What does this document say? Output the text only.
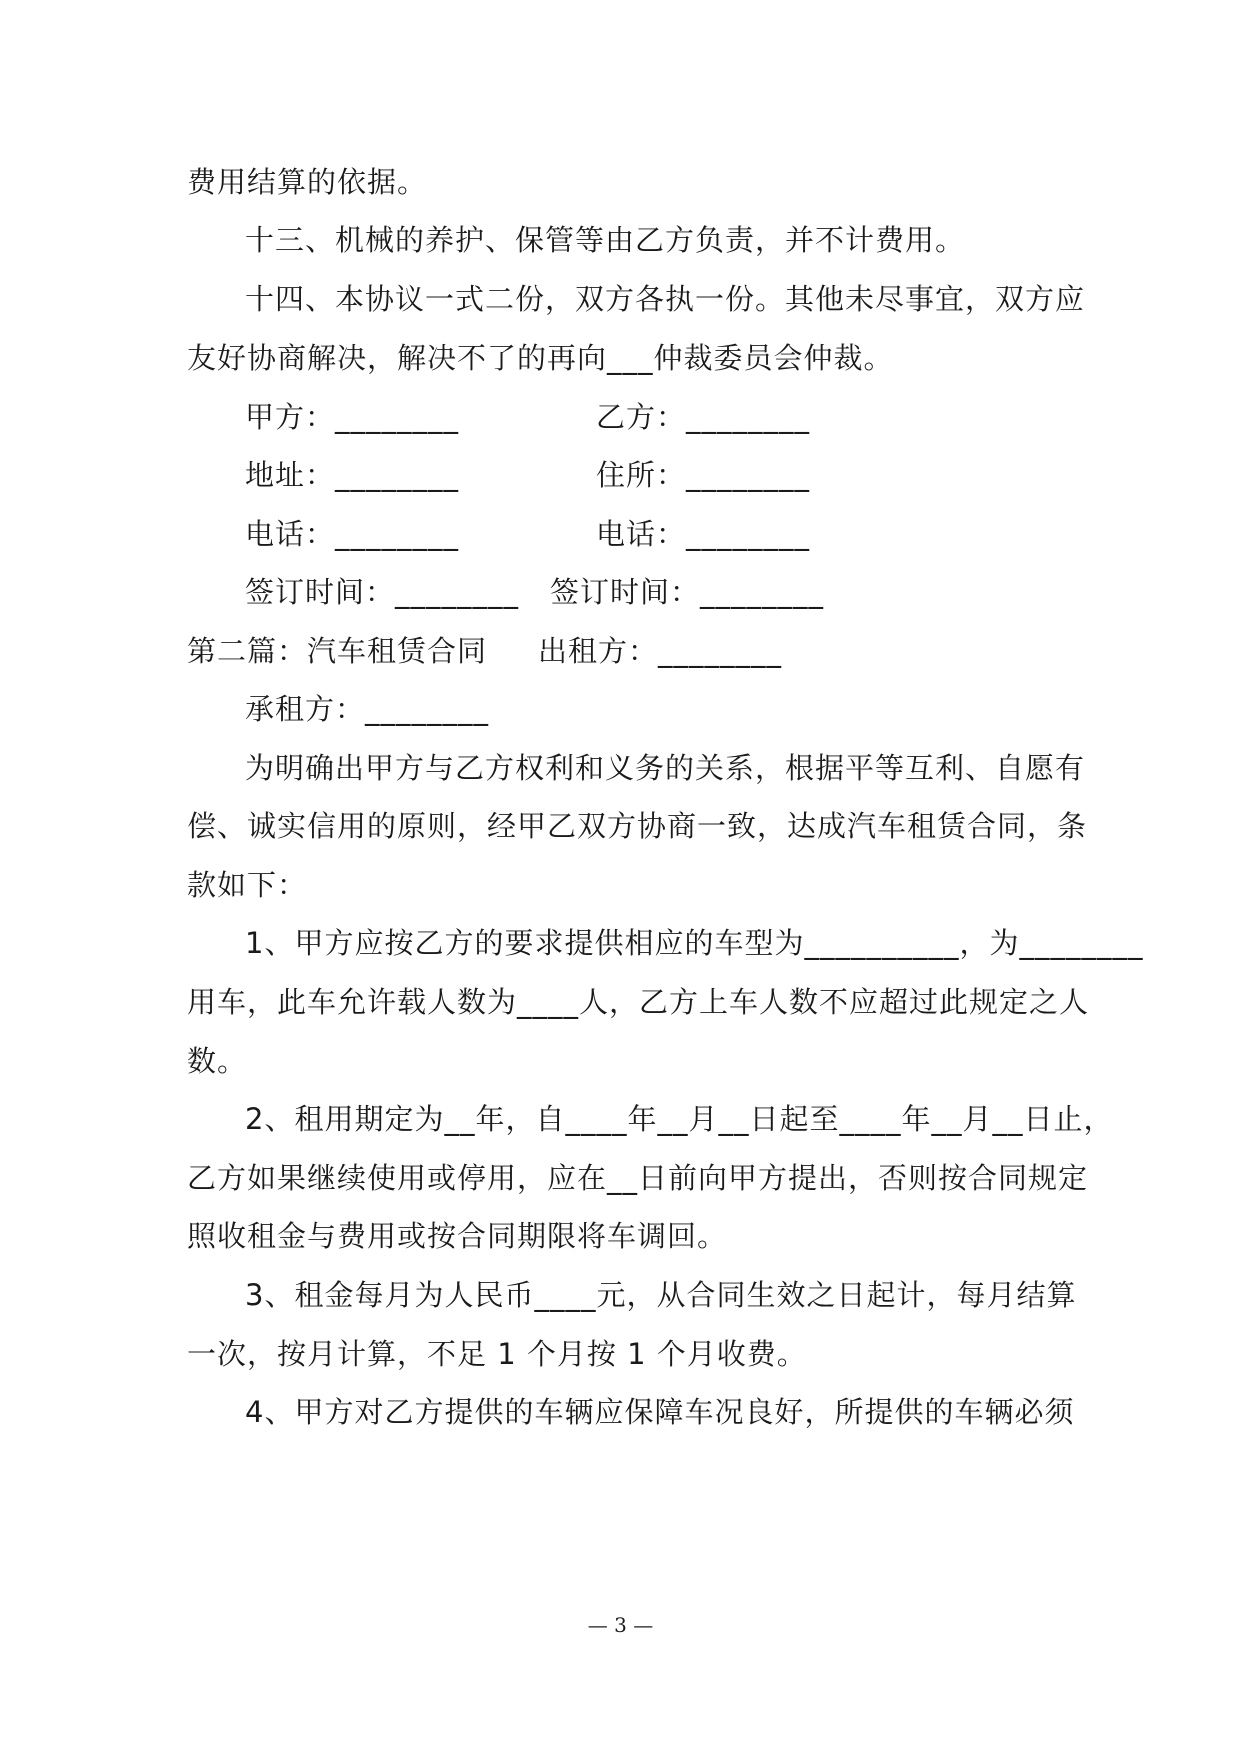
费用结算的依据。
十三、机械的养护、保管等由乙方负责，并不计费用。
十四、本协议一式二份，双方各执一份。其他未尽事宜，双方应
友好协商解决，解决不了的再向___仲裁委员会仲裁。
甲方：________	乙方：________
地址：________	住所：________
电话：________	电话：________
签订时间：________ 签订时间：________
第二篇：汽车租赁合同 出租方：________
承租方：________
为明确出甲方与乙方权利和义务的关系，根据平等互利、自愿有
偿、诚实信用的原则，经甲乙双方协商一致，达成汽车租赁合同，条
款如下：
1、甲方应按乙方的要求提供相应的车型为__________，为________
用车，此车允许载人数为____人，乙方上车人数不应超过此规定之人
数。
2、租用期定为__年，自____年__月__日起至____年__月__日止，
乙方如果继续使用或停用，应在__日前向甲方提出，否则按合同规定
照收租金与费用或按合同期限将车调回。
3、租金每月为人民币____元，从合同生效之日起计，每月结算
一次，按月计算，不足 1 个月按 1 个月收费。
4、甲方对乙方提供的车辆应保障车况良好，所提供的车辆必须
— 3 —
